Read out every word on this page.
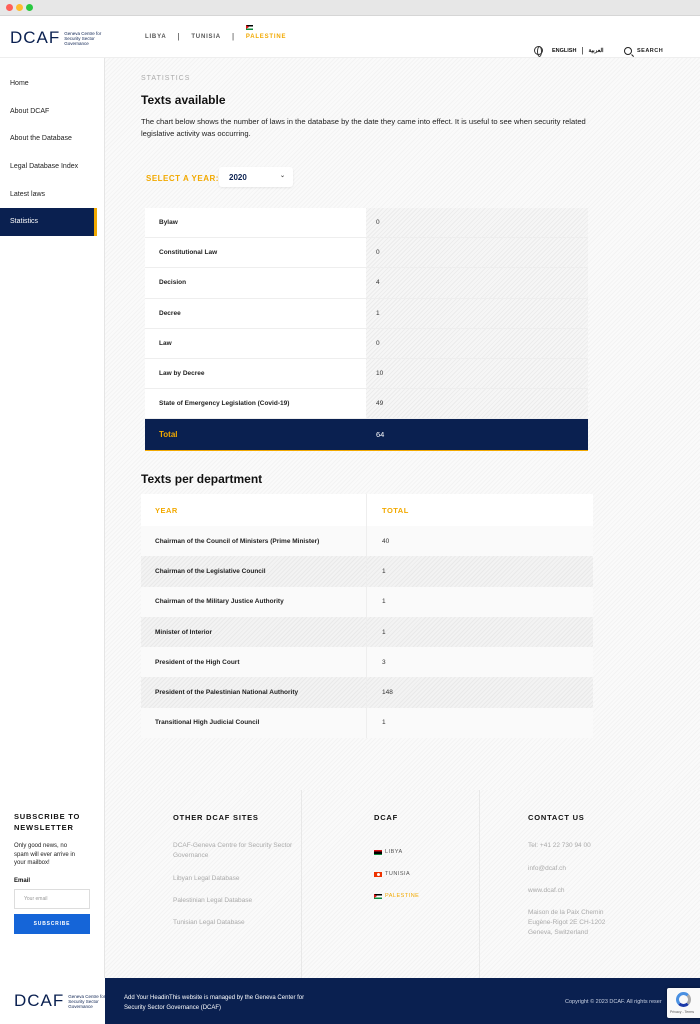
DCAF Geneva Centre for Security Sector Governance
LIBYA | TUNISIA | PALESTINE
ENGLISH | العربية	SEARCH
Home
About DCAF
About the Database
Legal Database Index
Latest laws
Statistics
STATISTICS
Texts available

The chart below shows the number of laws in the database by the date they came into effect. It is useful to see when security related legislative activity was occurring.

SELECT A YEAR: 2020	⌄
Bylaw	0
Constitutional Law	0
Decision	4
Decree	1
Law	0
Law by Decree	10
State of Emergency Legislation (Covid-19)	49
Total	64
Texts per department
YEAR	TOTAL
Chairman of the Council of Ministers (Prime Minister)	40
Chairman of the Legislative Council	1
Chairman of the Military Justice Authority	1
Minister of Interior	1
President of the High Court	3
President of the Palestinian National Authority	148
Transitional High Judicial Council	1
SUBSCRIBE TO NEWSLETTER
Only good news, no spam will ever arrive in your mailbox!
Email
Your email
SUBSCRIBE
OTHER DCAF SITES
DCAF-Geneva Centre for Security Sector Governance
Libyan Legal Database
Palestinian Legal Database
Tunisian Legal Database
DCAF
LIBYA
TUNISIA
PALESTINE
CONTACT US
Tel: +41 22 730 94 00
info@dcaf.ch
www.dcaf.ch
Maison de la Paix Chemin Eugène-Rigot 2E CH-1202 Geneva, Switzerland
DCAF Geneva Centre for Security Sector Governance
Add Your HeadinThis website is managed by the Geneva Center for Security Sector Governance (DCAF)
Copyright © 2023 DCAF. All rights reser
Privacy - Terms
